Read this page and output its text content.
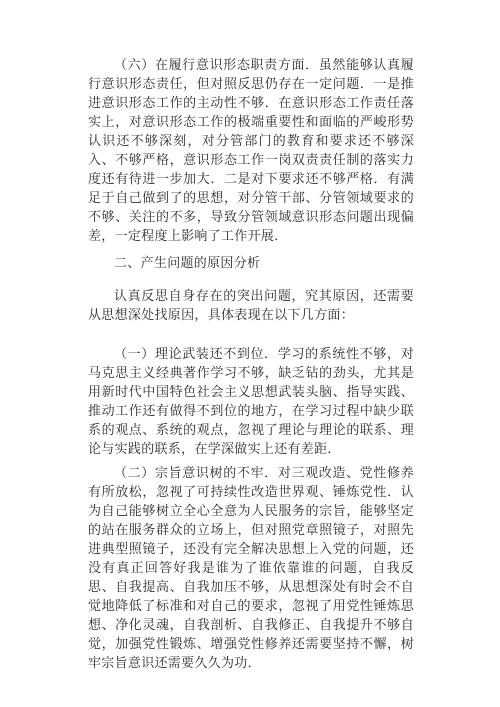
（六）在履行意识形态职责方面．虽然能够认真履行意识形态责任，但对照反思仍存在一定问题．一是推进意识形态工作的主动性不够．在意识形态工作责任落实上，对意识形态工作的极端重要性和面临的严峻形势认识还不够深刻，对分管部门的教育和要求还不够深入、不够严格，意识形态工作一岗双责责任制的落实力度还有待进一步加大．二是对下要求还不够严格．有满足于自己做到了的思想，对分管干部、分管领域要求的不够、关注的不多，导致分管领域意识形态问题出现偏差，一定程度上影响了工作开展．

二、产生问题的原因分析

认真反思自身存在的突出问题，究其原因，还需要从思想深处找原因，具体表现在以下几方面：

（一）理论武装还不到位．学习的系统性不够，对马克思主义经典著作学习不够，缺乏钻的劲头，尤其是用新时代中国特色社会主义思想武装头脑、指导实践、推动工作还有做得不到位的地方，在学习过程中缺少联系的观点、系统的观点，忽视了理论与理论的联系、理论与实践的联系，在学深做实上还有差距．

（二）宗旨意识树的不牢．对三观改造、党性修养有所放松，忽视了可持续性改造世界观、锤炼党性．认为自己能够树立全心全意为人民服务的宗旨，能够坚定的站在服务群众的立场上，但对照党章照镜子，对照先进典型照镜子，还没有完全解决思想上入党的问题，还没有真正回答好我是谁为了谁依靠谁的问题，自我反思、自我提高、自我加压不够，从思想深处有时会不自觉地降低了标准和对自己的要求，忽视了用党性锤炼思想、净化灵魂，自我剖析、自我修正、自我提升不够自觉，加强党性锻炼、增强党性修养还需要坚持不懈，树牢宗旨意识还需要久久为功．
